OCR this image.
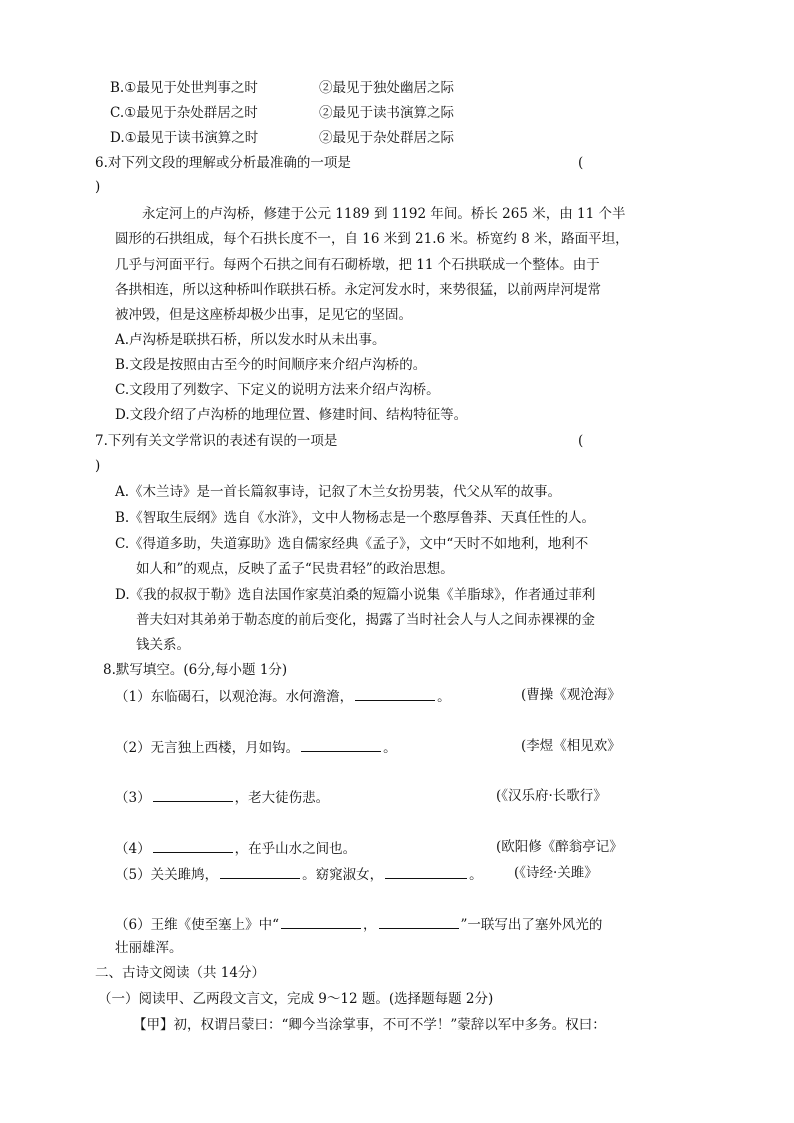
B.①最见于处世判事之时	②最见于独处幽居之际
C.①最见于杂处群居之时	②最见于读书演算之际
D.①最见于读书演算之时	②最见于杂处群居之际
6.对下列文段的理解或分析最准确的一项是	(
)
永定河上的卢沟桥，修建于公元 1189 到 1192 年间。桥长 265 米，由 11 个半
圆形的石拱组成，每个石拱长度不一，自 16 米到 21.6 米。桥宽约 8 米，路面平坦，
几乎与河面平行。每两个石拱之间有石砌桥墩，把 11 个石拱联成一个整体。由于
各拱相连，所以这种桥叫作联拱石桥。永定河发水时，来势很猛，以前两岸河堤常
被冲毁，但是这座桥却极少出事，足见它的坚固。
A.卢沟桥是联拱石桥，所以发水时从未出事。
B.文段是按照由古至今的时间顺序来介绍卢沟桥的。
C.文段用了列数字、下定义的说明方法来介绍卢沟桥。
D.文段介绍了卢沟桥的地理位置、修建时间、结构特征等。
7.下列有关文学常识的表述有误的一项是	(
)
A.《木兰诗》是一首长篇叙事诗，记叙了木兰女扮男装，代父从军的故事。
B.《智取生辰纲》选自《水浒》，文中人物杨志是一个憨厚鲁莽、天真任性的人。
C.《得道多助，失道寡助》选自儒家经典《孟子》，文中“天时不如地利，地利不
如人和”的观点，反映了孟子“民贵君轻”的政治思想。
D.《我的叔叔于勒》选自法国作家莫泊桑的短篇小说集《羊脂球》，作者通过菲利
普夫妇对其弟弟于勒态度的前后变化，揭露了当时社会人与人之间赤裸裸的金
钱关系。
8.默写填空。(6分,每小题 1分)
（1）东临碣石，以观沧海。水何澹澹，	。	(曹操《观沧海》
（2）无言独上西楼，月如钩。	。	(李煜《相见欢》
（3）	，老大徒伤悲。	(《汉乐府·长歌行》
（4）	，在乎山水之间也。	(欧阳修《醉翁亭记》
（5）关关雎鸠，	。窈窕淑女，	。 (《诗经·关雎》
（6）王维《使至塞上》中“	，	”一联写出了塞外风光的
壮丽雄浑。
二、古诗文阅读（共 14分）
（一）阅读甲、乙两段文言文，完成 9～12 题。(选择题每题 2分)
【甲】初，权谓吕蒙曰：“卿今当涂掌事，不可不学！”蒙辞以军中多务。权曰：
